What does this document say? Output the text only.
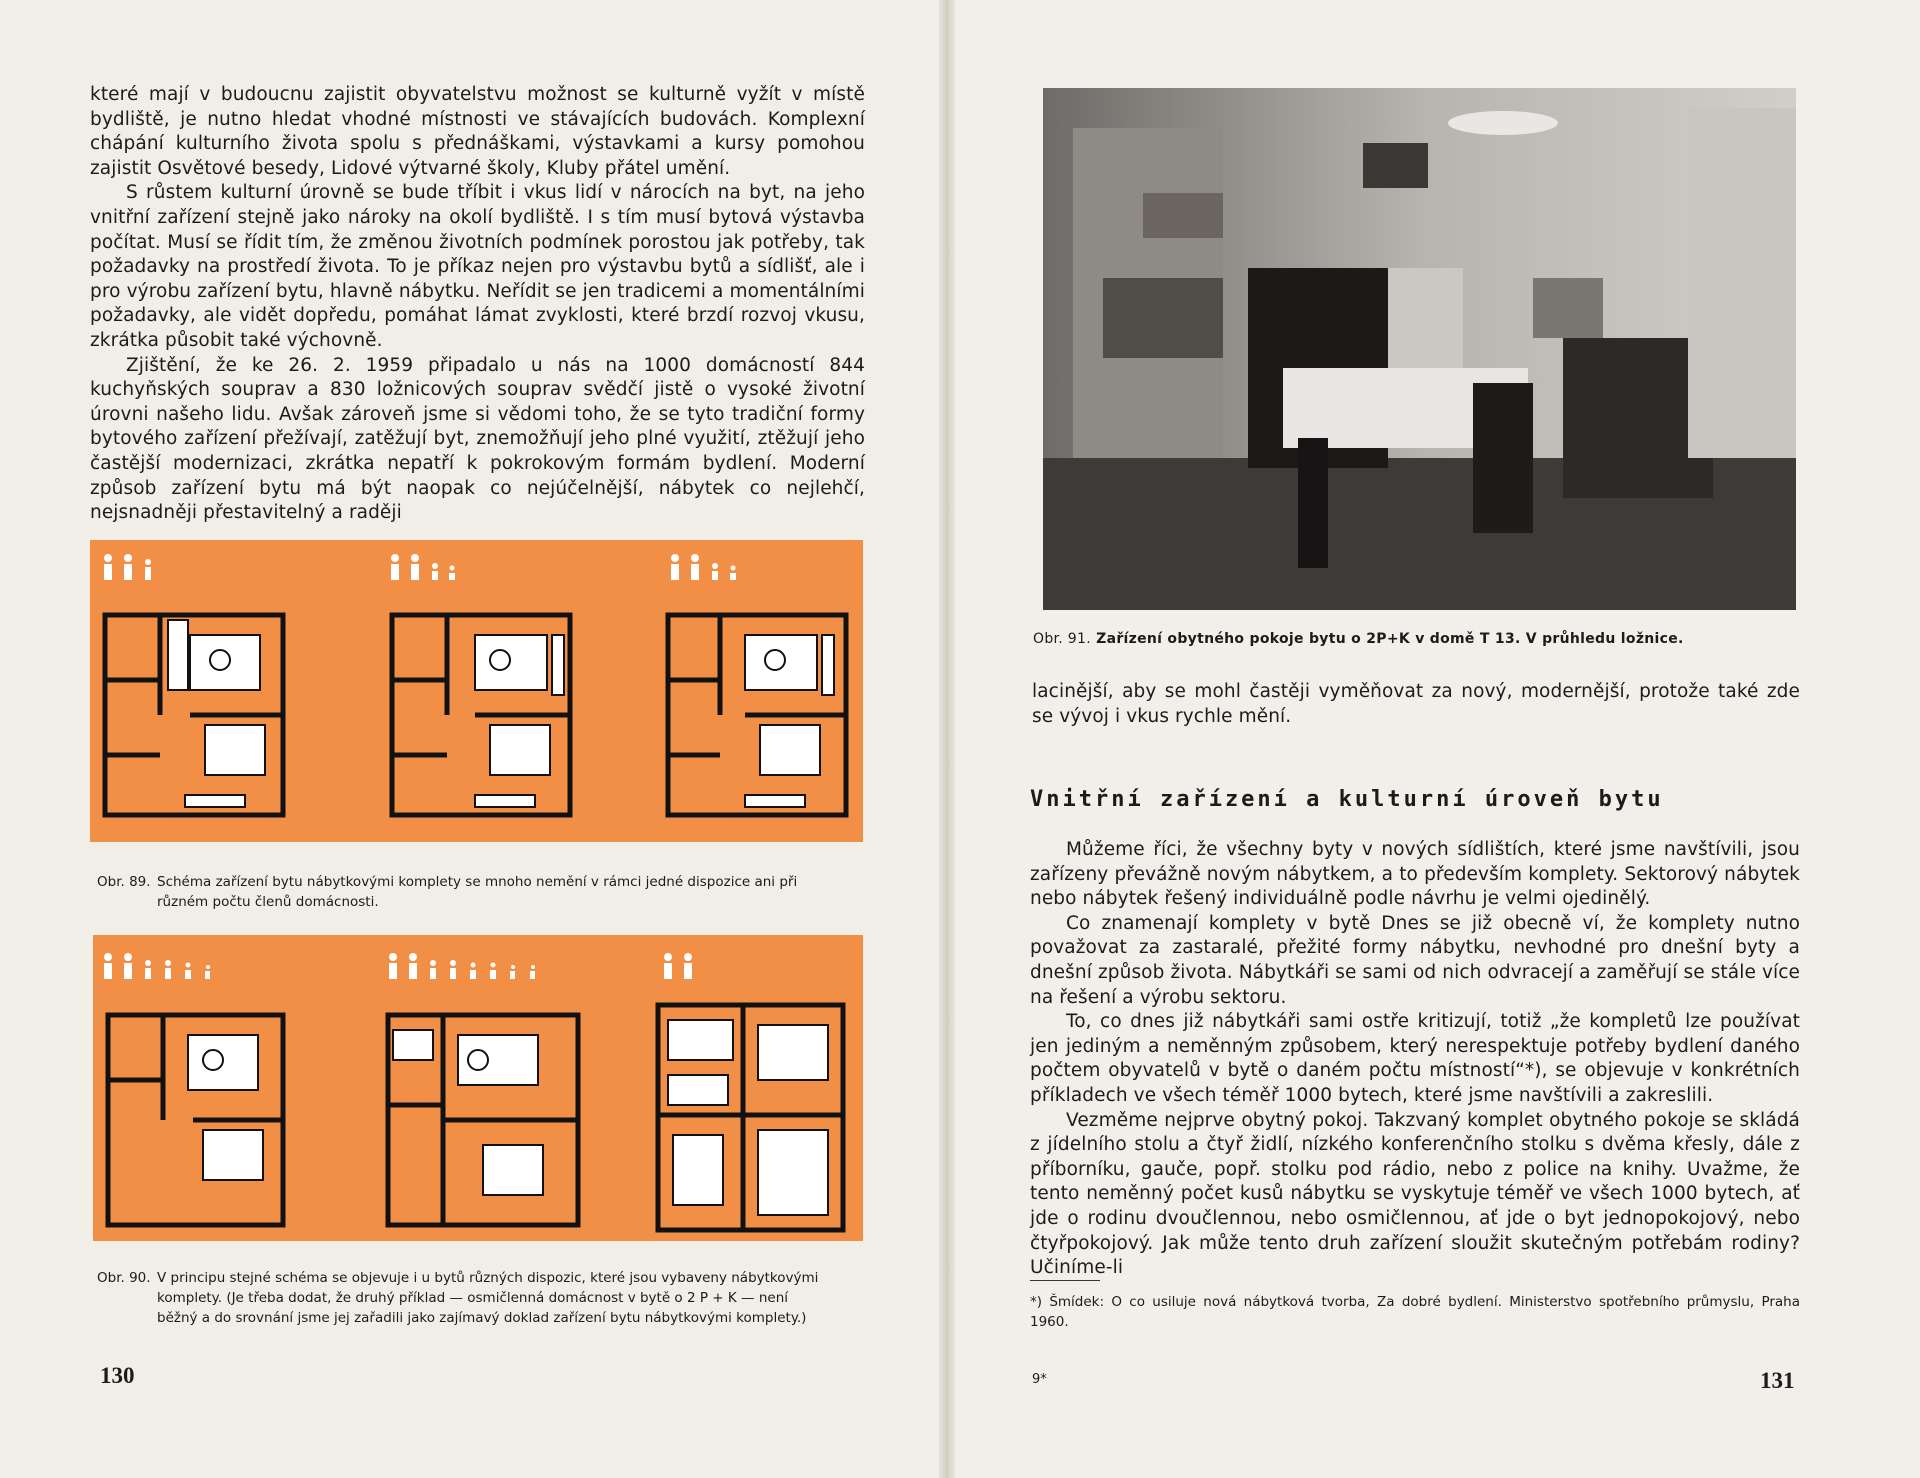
které mají v budoucnu zajistit obyvatelstvu možnost se kulturně vyžít v místě bydliště, je nutno hledat vhodné místnosti ve stávajících budovách. Komplexní chápání kulturního života spolu s přednáškami, výstavkami a kursy pomohou zajistit Osvětové besedy, Lidové výtvarné školy, Kluby přátel umění.

S růstem kulturní úrovně se bude tříbit i vkus lidí v nárocích na byt, na jeho vnitřní zařízení stejně jako nároky na okolí bydliště. I s tím musí bytová výstavba počítat. Musí se řídit tím, že změnou životních podmínek porostou jak potřeby, tak požadavky na prostředí života. To je příkaz nejen pro výstavbu bytů a sídlišť, ale i pro výrobu zařízení bytu, hlavně nábytku. Neřídit se jen tradicemi a momentálními požadavky, ale vidět dopředu, pomáhat lámat zvyklosti, které brzdí rozvoj vkusu, zkrátka působit také výchovně.

Zjištění, že ke 26. 2. 1959 připadalo u nás na 1000 domácností 844 kuchyňských souprav a 830 ložnicových souprav svědčí jistě o vysoké životní úrovni našeho lidu. Avšak zároveň jsme si vědomi toho, že se tyto tradiční formy bytového zařízení přežívají, zatěžují byt, znemožňují jeho plné využití, ztěžují jeho častější modernizaci, zkrátka nepatří k pokrokovým formám bydlení. Moderní způsob zařízení bytu má být naopak co nejúčelnější, nábytek co nejlehčí, nejsnadněji přestavitelný a raději

Obr. 89. Schéma zařízení bytu nábytkovými komplety se mnoho nemění v rámci jedné dispozice ani při
různém počtu členů domácnosti.
Obr. 90. V principu stejné schéma se objevuje i u bytů různých dispozic, které jsou vybaveny nábytkovými
komplety. (Je třeba dodat, že druhý příklad — osmičlenná domácnost v bytě o 2 P + K — není
běžný a do srovnání jsme jej zařadili jako zajímavý doklad zařízení bytu nábytkovými komplety.)
130
Obr. 91. Zařízení obytného pokoje bytu o 2P+K v domě T 13. V průhledu ložnice.

lacinější, aby se mohl častěji vyměňovat za nový, modernější, protože také zde se vývoj i vkus rychle mění.

Vnitřní zařízení a kulturní úroveň bytu

Můžeme říci, že všechny byty v nových sídlištích, které jsme navštívili, jsou zařízeny převážně novým nábytkem, a to především komplety. Sektorový nábytek nebo nábytek řešený individuálně podle návrhu je velmi ojedinělý.

Co znamenají komplety v bytě Dnes se již obecně ví, že komplety nutno považovat za zastaralé, přežité formy nábytku, nevhodné pro dnešní byty a dnešní způsob života. Nábytkáři se sami od nich odvracejí a zaměřují se stále více na řešení a výrobu sektoru.

To, co dnes již nábytkáři sami ostře kritizují, totiž „že kompletů lze používat jen jediným a neměnným způsobem, který nerespektuje potřeby bydlení daného počtem obyvatelů v bytě o daném počtu místností“*), se objevuje v konkrétních příkladech ve všech téměř 1000 bytech, které jsme navštívili a zakreslili.

Vezměme nejprve obytný pokoj. Takzvaný komplet obytného pokoje se skládá z jídelního stolu a čtyř židlí, nízkého konferenčního stolku s dvěma křesly, dále z příborníku, gauče, popř. stolku pod rádio, nebo z police na knihy. Uvažme, že tento neměnný počet kusů nábytku se vyskytuje téměř ve všech 1000 bytech, ať jde o rodinu dvoučlennou, nebo osmičlennou, ať jde o byt jednopokojový, nebo čtyřpokojový. Jak může tento druh zařízení sloužit skutečným potřebám rodiny? Učiníme-li

*) Šmídek: O co usiluje nová nábytková tvorba, Za dobré bydlení. Ministerstvo spotřebního průmyslu, Praha 1960.
9*	131
